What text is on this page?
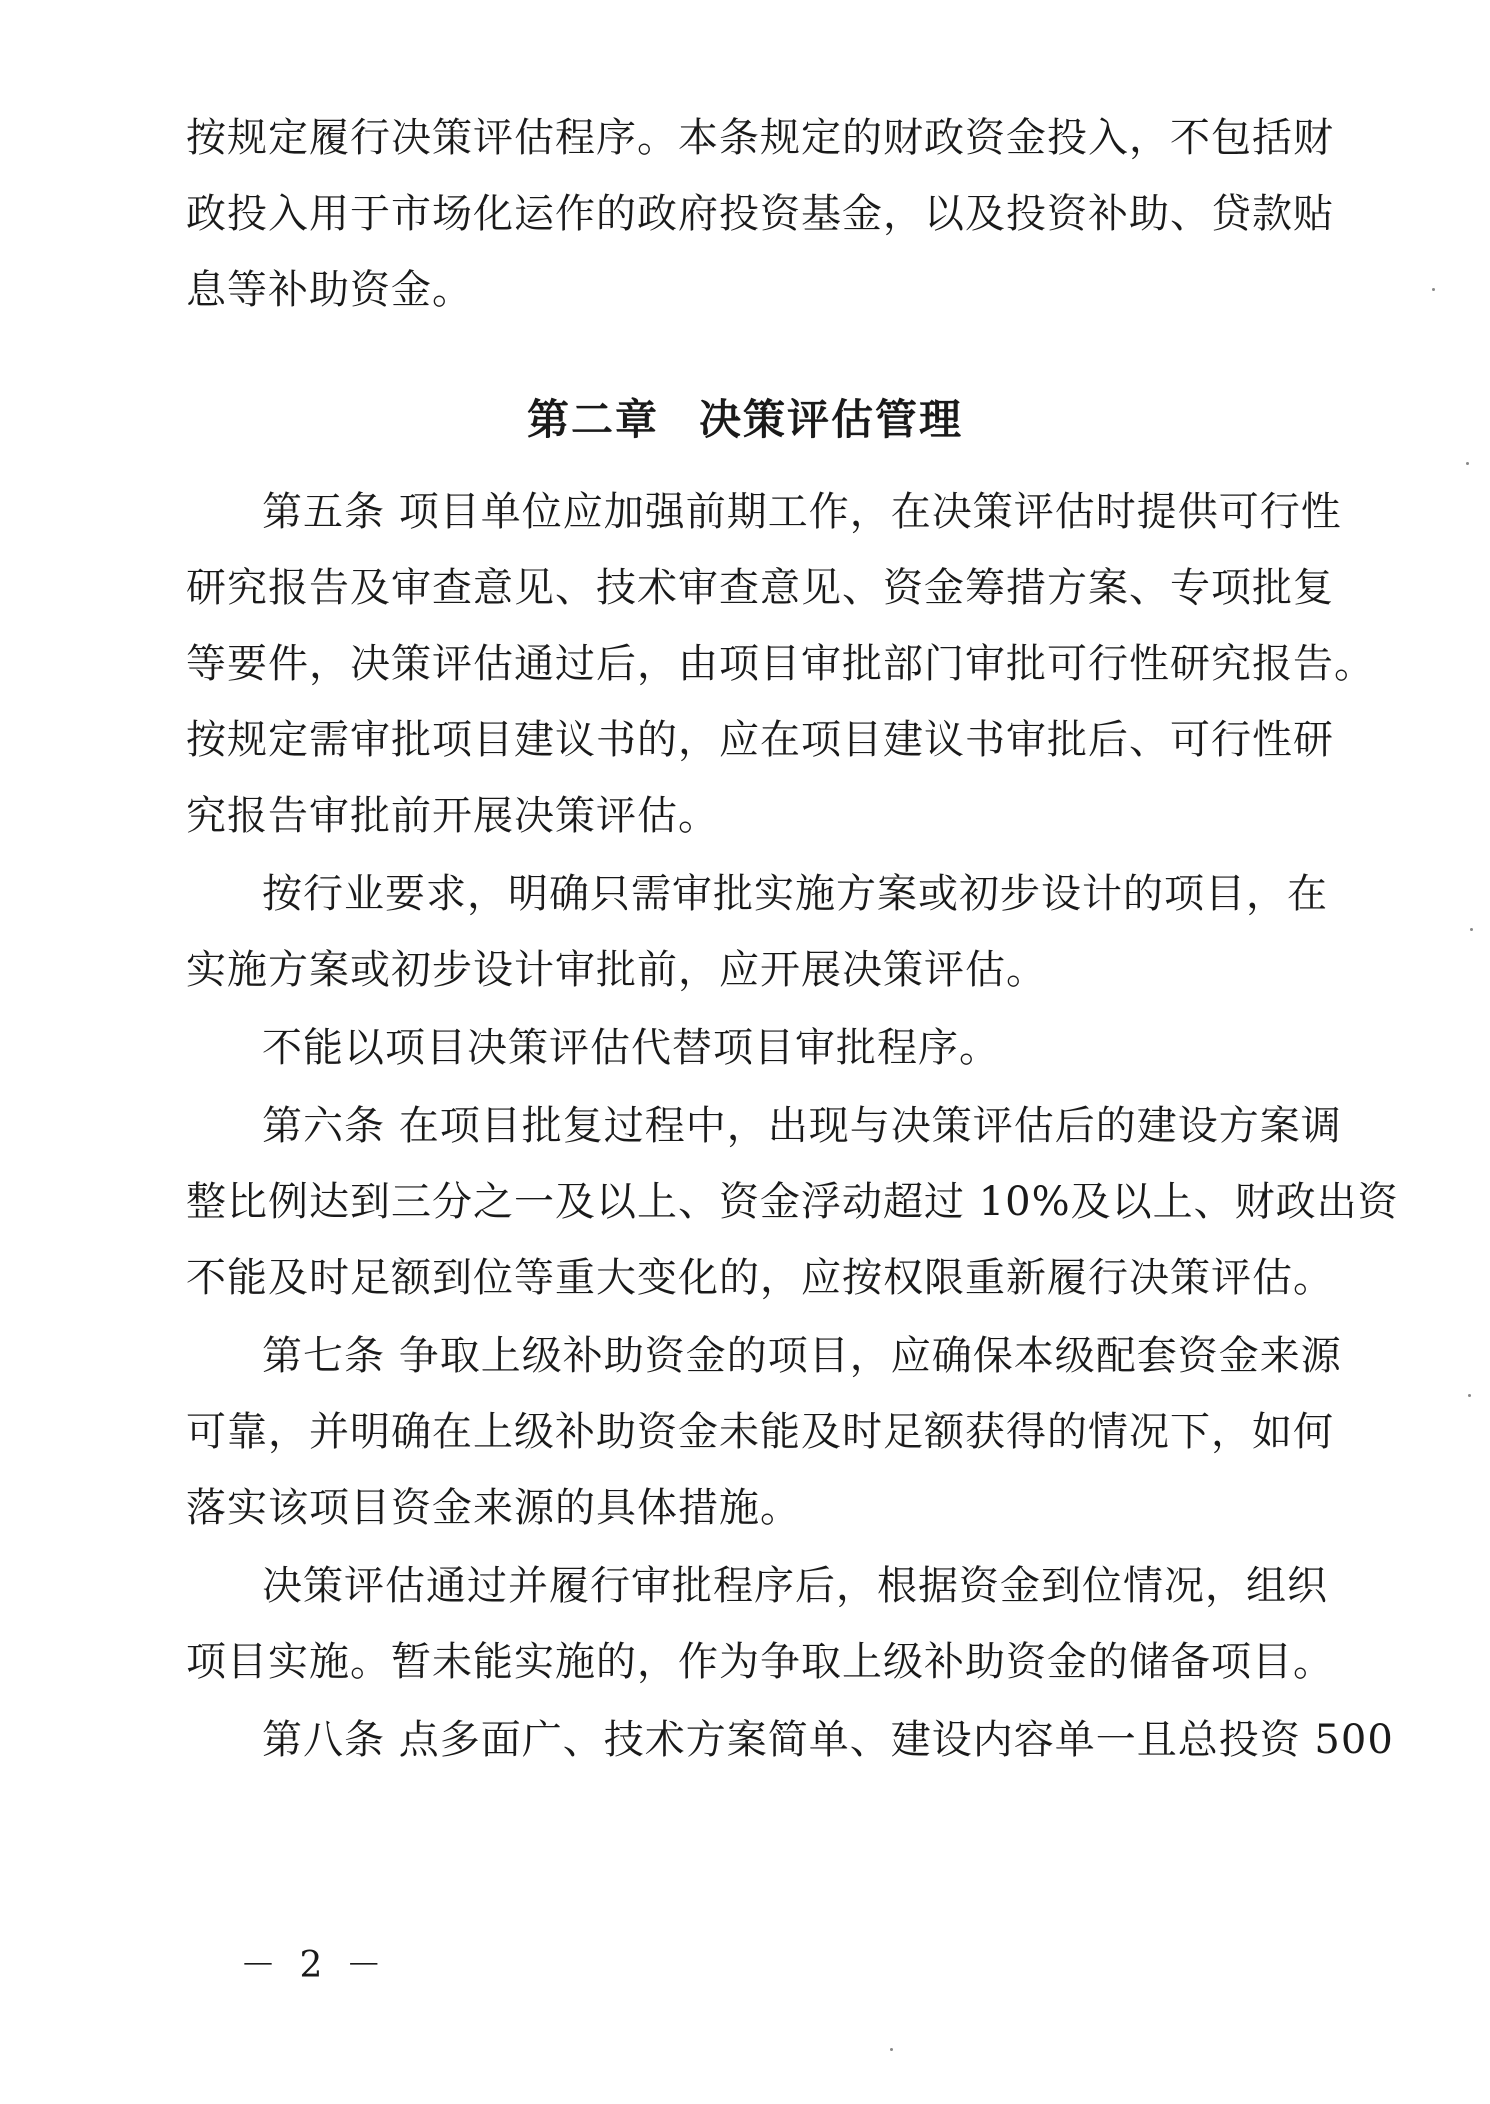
按规定履行决策评估程序。本条规定的财政资金投入，不包括财
政投入用于市场化运作的政府投资基金，以及投资补助、贷款贴
息等补助资金。
第二章 决策评估管理
第五条 项目单位应加强前期工作，在决策评估时提供可行性
研究报告及审查意见、技术审查意见、资金筹措方案、专项批复
等要件，决策评估通过后，由项目审批部门审批可行性研究报告。
按规定需审批项目建议书的，应在项目建议书审批后、可行性研
究报告审批前开展决策评估。
按行业要求，明确只需审批实施方案或初步设计的项目，在
实施方案或初步设计审批前，应开展决策评估。
不能以项目决策评估代替项目审批程序。
第六条 在项目批复过程中，出现与决策评估后的建设方案调
整比例达到三分之一及以上、资金浮动超过 10%及以上、财政出资
不能及时足额到位等重大变化的，应按权限重新履行决策评估。
第七条 争取上级补助资金的项目，应确保本级配套资金来源
可靠，并明确在上级补助资金未能及时足额获得的情况下，如何
落实该项目资金来源的具体措施。
决策评估通过并履行审批程序后，根据资金到位情况，组织
项目实施。暂未能实施的，作为争取上级补助资金的储备项目。
第八条 点多面广、技术方案简单、建设内容单一且总投资 500
－ 2 －
